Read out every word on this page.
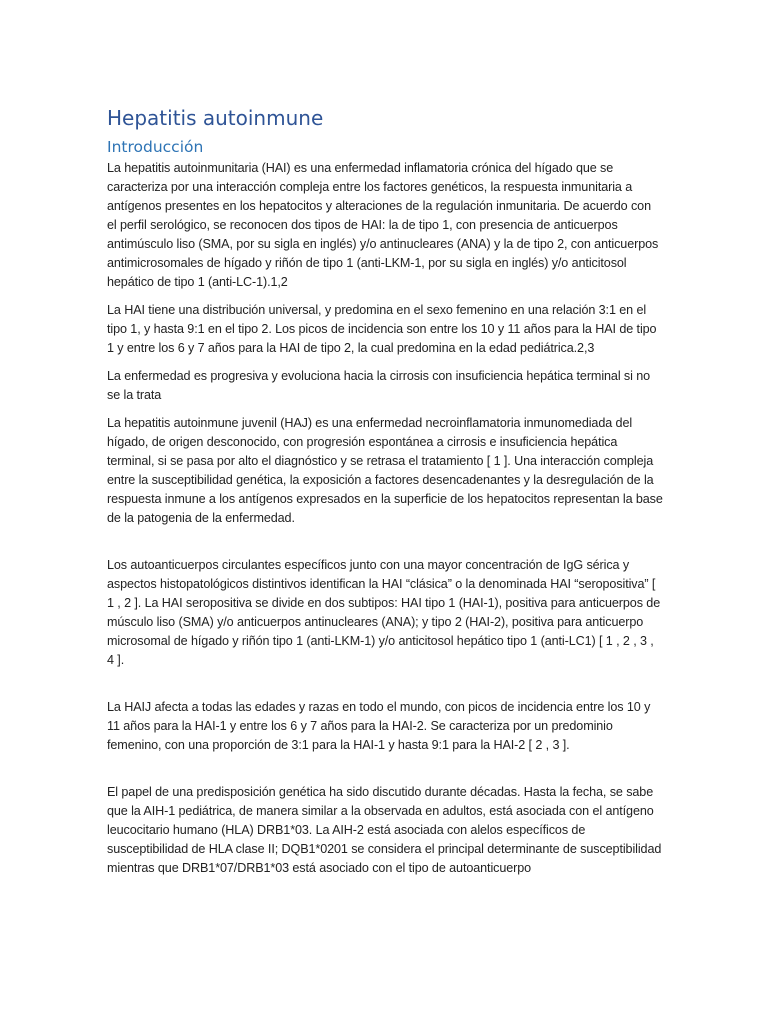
Hepatitis autoinmune
Introducción

La hepatitis autoinmunitaria (HAI) es una enfermedad inflamatoria crónica del hígado que se caracteriza por una interacción compleja entre los factores genéticos, la respuesta inmunitaria a antígenos presentes en los hepatocitos y alteraciones de la regulación inmunitaria. De acuerdo con el perfil serológico, se reconocen dos tipos de HAI: la de tipo 1, con presencia de anticuerpos antimúsculo liso (SMA, por su sigla en inglés) y/o antinucleares (ANA) y la de tipo 2, con anticuerpos antimicrosomales de hígado y riñón de tipo 1 (anti-LKM-1, por su sigla en inglés) y/o anticitosol hepático de tipo 1 (anti-LC-1).1,2

La HAI tiene una distribución universal, y predomina en el sexo femenino en una relación 3:1 en el tipo 1, y hasta 9:1 en el tipo 2. Los picos de incidencia son entre los 10 y 11 años para la HAI de tipo 1 y entre los 6 y 7 años para la HAI de tipo 2, la cual predomina en la edad pediátrica.2,3

La enfermedad es progresiva y evoluciona hacia la cirrosis con insuficiencia hepática terminal si no se la trata

La hepatitis autoinmune juvenil (HAJ) es una enfermedad necroinflamatoria inmunomediada del hígado, de origen desconocido, con progresión espontánea a cirrosis e insuficiencia hepática terminal, si se pasa por alto el diagnóstico y se retrasa el tratamiento [ 1 ]. Una interacción compleja entre la susceptibilidad genética, la exposición a factores desencadenantes y la desregulación de la respuesta inmune a los antígenos expresados en la superficie de los hepatocitos representan la base de la patogenia de la enfermedad.

Los autoanticuerpos circulantes específicos junto con una mayor concentración de IgG sérica y aspectos histopatológicos distintivos identifican la HAI “clásica” o la denominada HAI “seropositiva” [ 1 , 2 ]. La HAI seropositiva se divide en dos subtipos: HAI tipo 1 (HAI-1), positiva para anticuerpos de músculo liso (SMA) y/o anticuerpos antinucleares (ANA); y tipo 2 (HAI-2), positiva para anticuerpo microsomal de hígado y riñón tipo 1 (anti-LKM-1) y/o anticitosol hepático tipo 1 (anti-LC1) [ 1 , 2 , 3 , 4 ].

La HAIJ afecta a todas las edades y razas en todo el mundo, con picos de incidencia entre los 10 y 11 años para la HAI-1 y entre los 6 y 7 años para la HAI-2. Se caracteriza por un predominio femenino, con una proporción de 3:1 para la HAI-1 y hasta 9:1 para la HAI-2 [ 2 , 3 ].

El papel de una predisposición genética ha sido discutido durante décadas. Hasta la fecha, se sabe que la AIH-1 pediátrica, de manera similar a la observada en adultos, está asociada con el antígeno leucocitario humano (HLA) DRB1*03. La AIH-2 está asociada con alelos específicos de susceptibilidad de HLA clase II; DQB1*0201 se considera el principal determinante de susceptibilidad mientras que DRB1*07/DRB1*03 está asociado con el tipo de autoanticuerpo
